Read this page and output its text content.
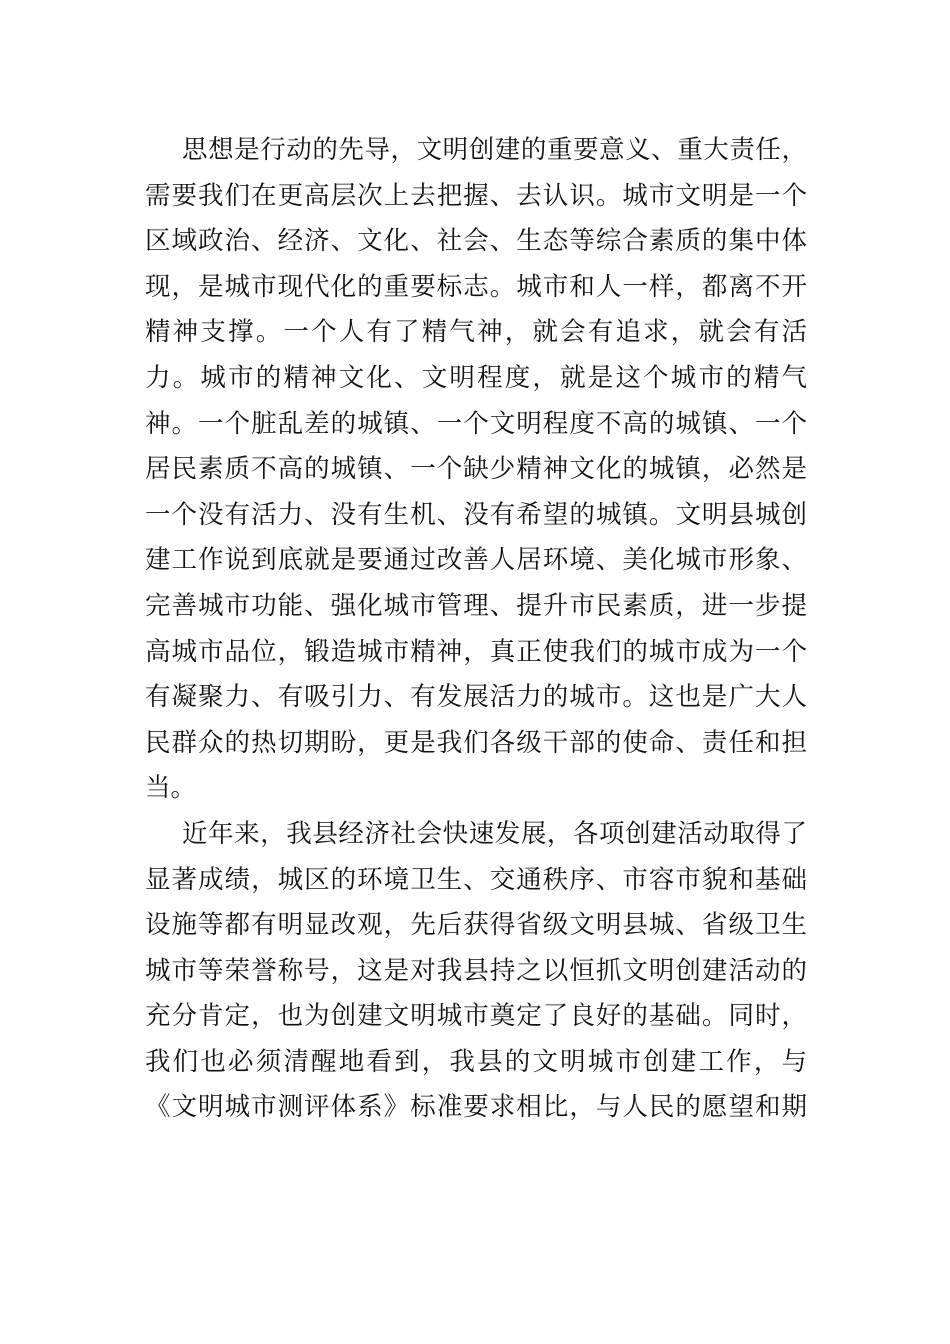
思想是行动的先导，文明创建的重要意义、重大责任，
需要我们在更高层次上去把握、去认识。城市文明是一个
区域政治、经济、文化、社会、生态等综合素质的集中体
现，是城市现代化的重要标志。城市和人一样，都离不开
精神支撑。一个人有了精气神，就会有追求，就会有活
力。城市的精神文化、文明程度，就是这个城市的精气
神。一个脏乱差的城镇、一个文明程度不高的城镇、一个
居民素质不高的城镇、一个缺少精神文化的城镇，必然是
一个没有活力、没有生机、没有希望的城镇。文明县城创
建工作说到底就是要通过改善人居环境、美化城市形象、
完善城市功能、强化城市管理、提升市民素质，进一步提
高城市品位，锻造城市精神，真正使我们的城市成为一个
有凝聚力、有吸引力、有发展活力的城市。这也是广大人
民群众的热切期盼，更是我们各级干部的使命、责任和担
当。
近年来，我县经济社会快速发展，各项创建活动取得了
显著成绩，城区的环境卫生、交通秩序、市容市貌和基础
设施等都有明显改观，先后获得省级文明县城、省级卫生
城市等荣誉称号，这是对我县持之以恒抓文明创建活动的
充分肯定，也为创建文明城市奠定了良好的基础。同时，
我们也必须清醒地看到，我县的文明城市创建工作，与
《文明城市测评体系》标准要求相比，与人民的愿望和期
